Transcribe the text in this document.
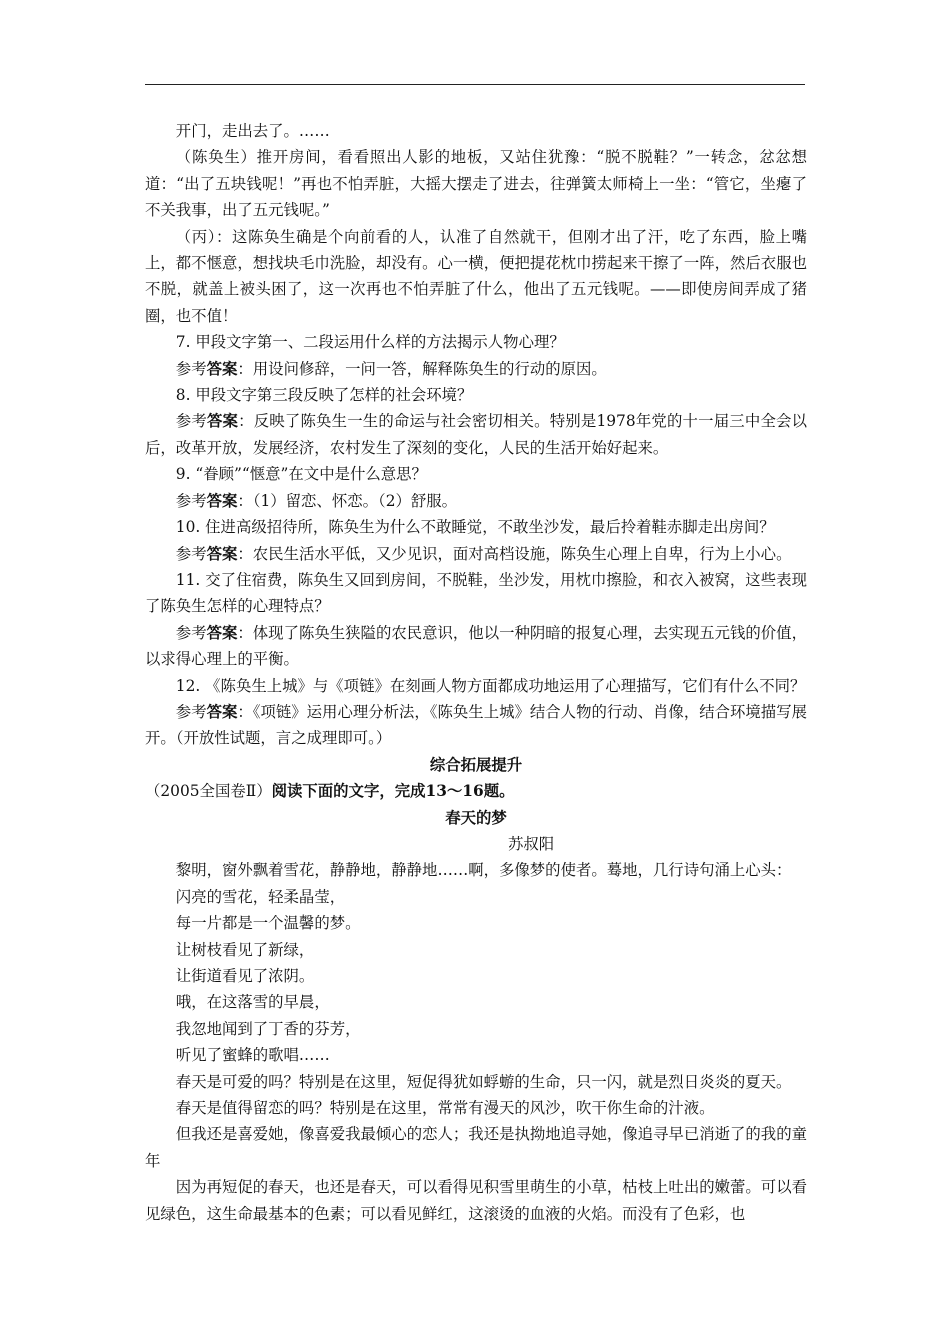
开门，走出去了。……

（陈奂生）推开房间，看看照出人影的地板，又站住犹豫：“脱不脱鞋？”一转念，忿忿想道：“出了五块钱呢！”再也不怕弄脏，大摇大摆走了进去，往弹簧太师椅上一坐：“管它，坐瘪了不关我事，出了五元钱呢。”

（丙）：这陈奂生确是个向前看的人，认准了自然就干，但刚才出了汗，吃了东西，脸上嘴上，都不惬意，想找块毛巾洗脸，却没有。心一横，便把提花枕巾捞起来干擦了一阵，然后衣服也不脱，就盖上被头困了，这一次再也不怕弄脏了什么，他出了五元钱呢。——即使房间弄成了猪圈，也不值！

7. 甲段文字第一、二段运用什么样的方法揭示人物心理？

参考答案：用设问修辞，一问一答，解释陈奂生的行动的原因。

8. 甲段文字第三段反映了怎样的社会环境？

参考答案：反映了陈奂生一生的命运与社会密切相关。特别是1978年党的十一届三中全会以后，改革开放，发展经济，农村发生了深刻的变化，人民的生活开始好起来。

9. “眷顾”“惬意”在文中是什么意思？

参考答案：（1）留恋、怀恋。（2）舒服。

10. 住进高级招待所，陈奂生为什么不敢睡觉，不敢坐沙发，最后拎着鞋赤脚走出房间？

参考答案：农民生活水平低，又少见识，面对高档设施，陈奂生心理上自卑，行为上小心。

11. 交了住宿费，陈奂生又回到房间，不脱鞋，坐沙发，用枕巾擦脸，和衣入被窝，这些表现了陈奂生怎样的心理特点？

参考答案：体现了陈奂生狭隘的农民意识，他以一种阴暗的报复心理，去实现五元钱的价值，以求得心理上的平衡。

12. 《陈奂生上城》与《项链》在刻画人物方面都成功地运用了心理描写，它们有什么不同？

参考答案：《项链》运用心理分析法，《陈奂生上城》结合人物的行动、肖像，结合环境描写展开。（开放性试题，言之成理即可。）

综合拓展提升

（2005全国卷Ⅱ）阅读下面的文字，完成13～16题。

春天的梦

苏叔阳

黎明，窗外飘着雪花，静静地，静静地……啊，多像梦的使者。蓦地，几行诗句涌上心头：

闪亮的雪花，轻柔晶莹，

每一片都是一个温馨的梦。

让树枝看见了新绿，

让街道看见了浓阴。

哦，在这落雪的早晨，

我忽地闻到了丁香的芬芳，

听见了蜜蜂的歌唱……

春天是可爱的吗？特别是在这里，短促得犹如蜉蝣的生命，只一闪，就是烈日炎炎的夏天。

春天是值得留恋的吗？特别是在这里，常常有漫天的风沙，吹干你生命的汁液。

但我还是喜爱她，像喜爱我最倾心的恋人；我还是执拗地追寻她，像追寻早已消逝了的我的童年

因为再短促的春天，也还是春天，可以看得见积雪里萌生的小草，枯枝上吐出的嫩蕾。可以看见绿色，这生命最基本的色素；可以看见鲜红，这滚烫的血液的火焰。而没有了色彩，也
